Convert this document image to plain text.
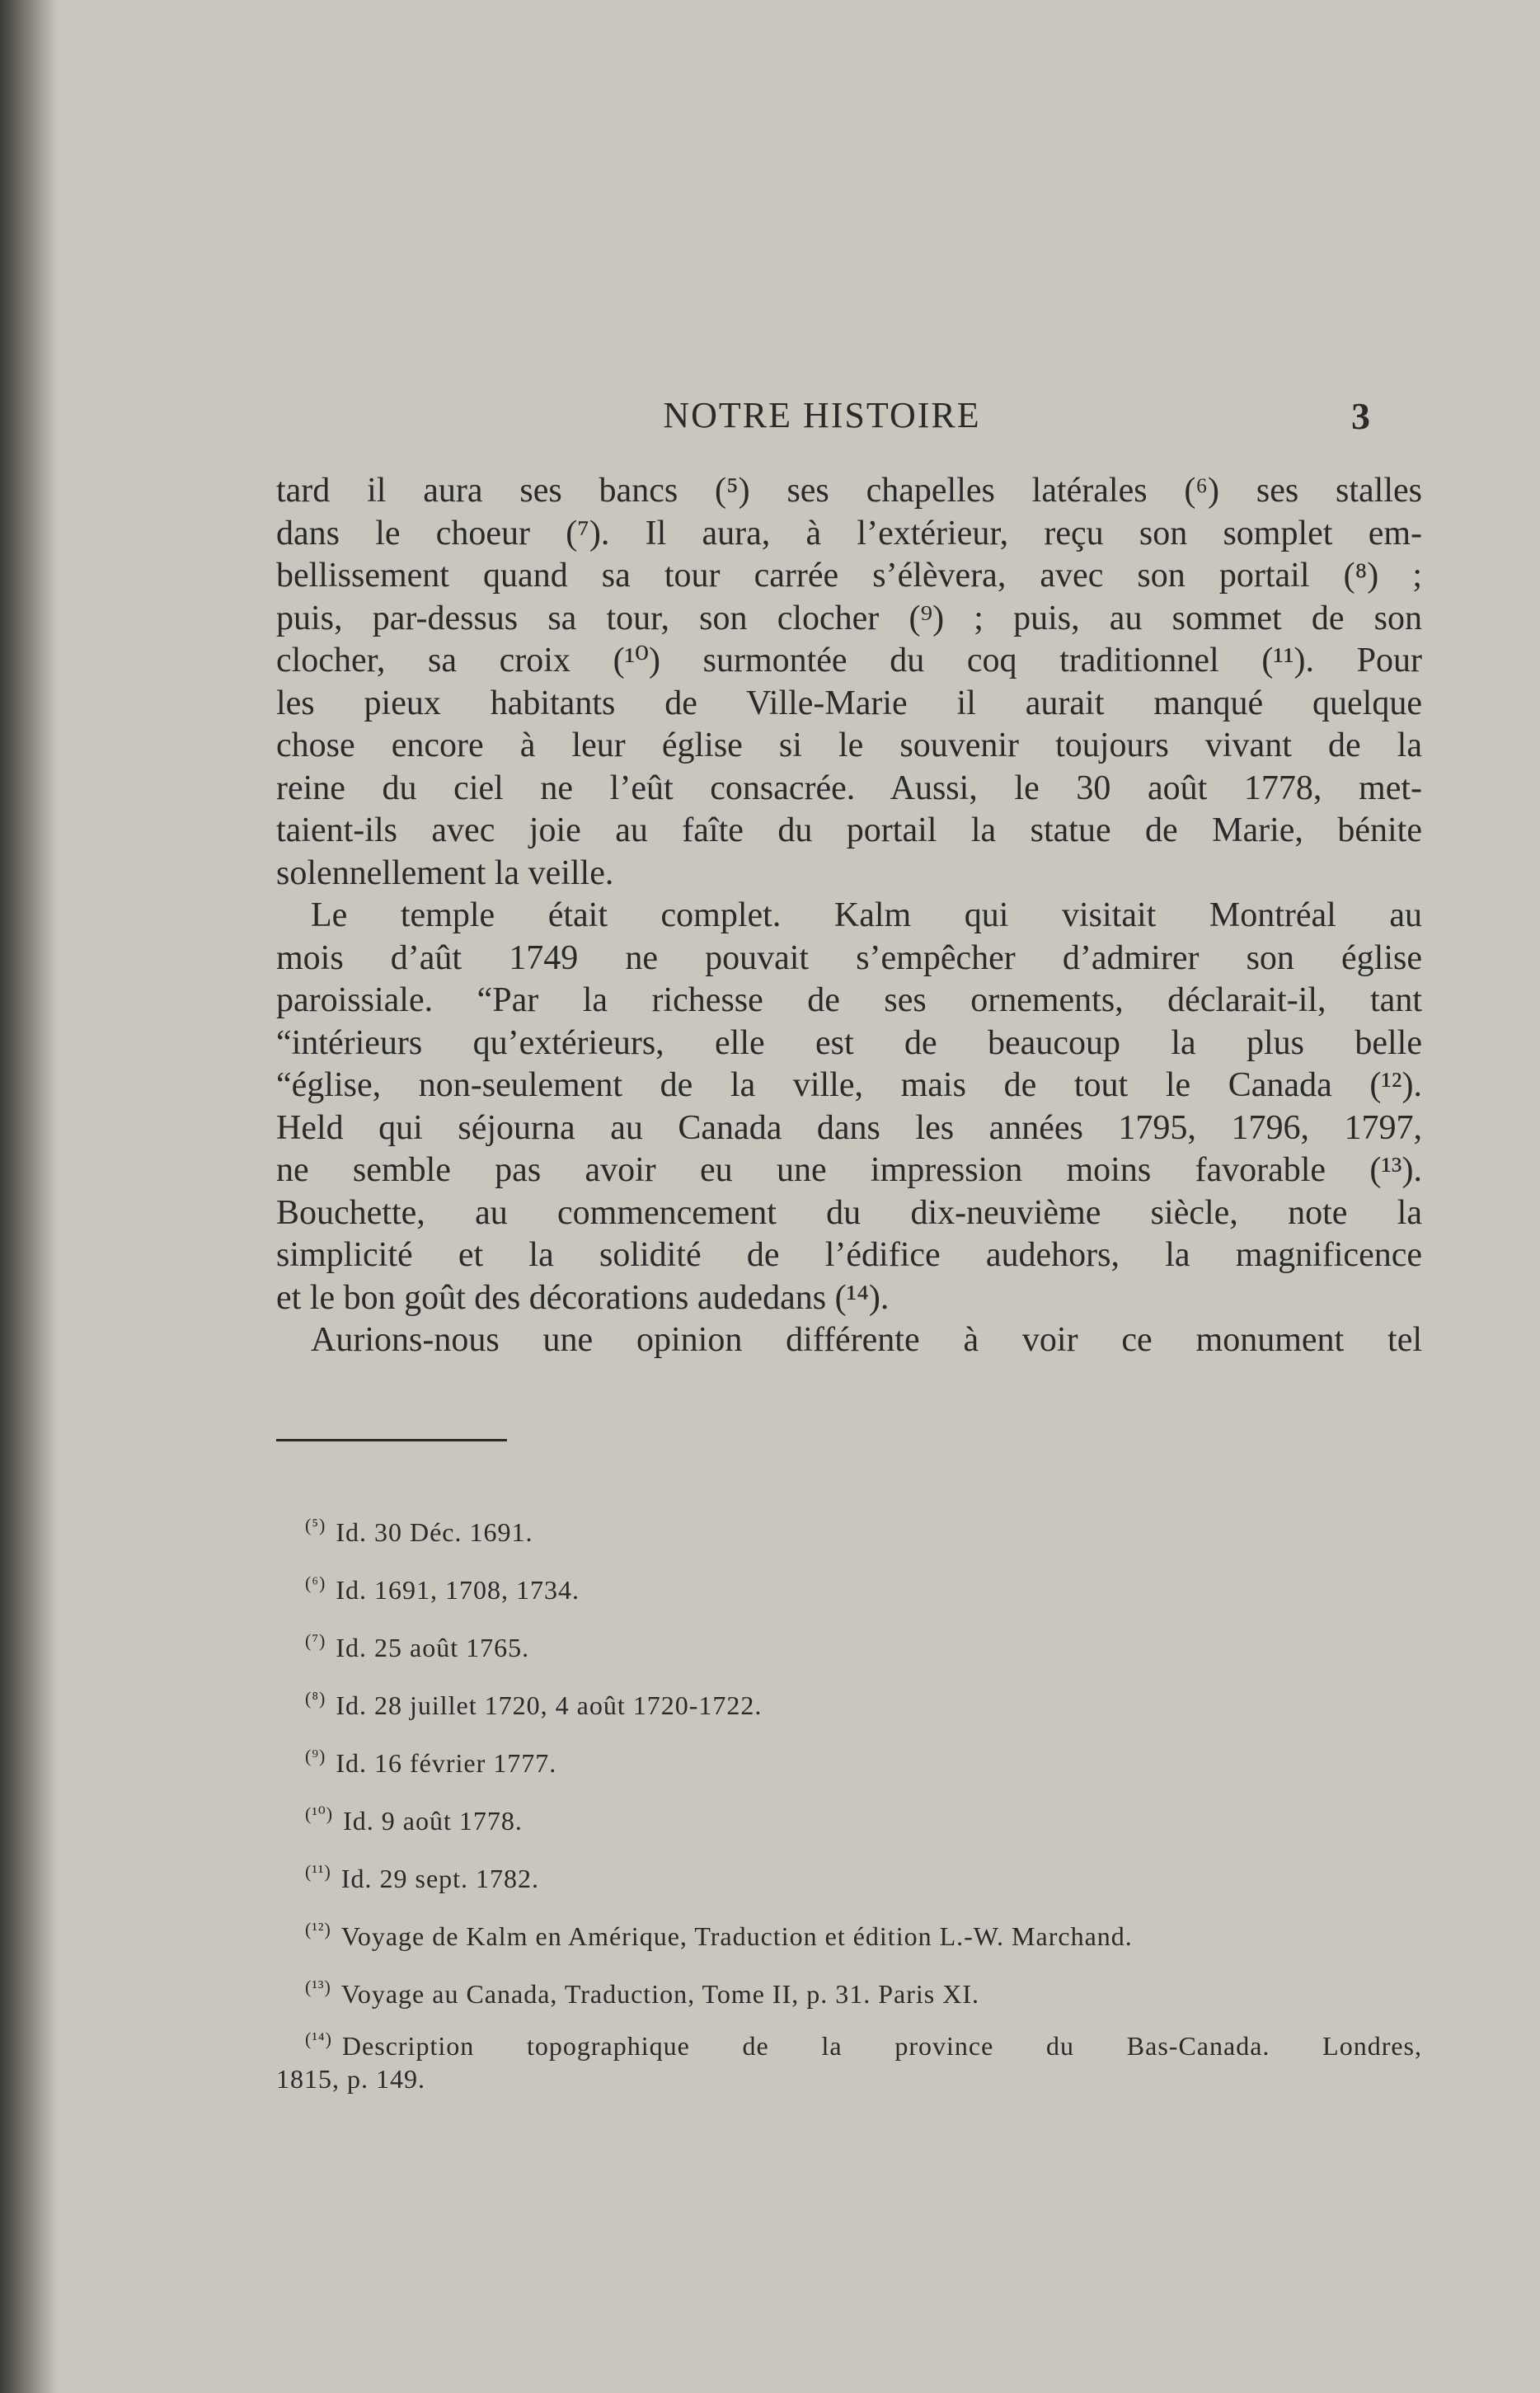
NOTRE HISTOIRE	3
tard il aura ses bancs (⁵) ses chapelles latérales (⁶) ses stalles
dans le choeur (⁷). Il aura, à l’extérieur, reçu son somplet em-
bellissement quand sa tour carrée s’élèvera, avec son portail (⁸) ;
puis, par-dessus sa tour, son clocher (⁹) ; puis, au sommet de son
clocher, sa croix (¹⁰) surmontée du coq traditionnel (¹¹). Pour
les pieux habitants de Ville-Marie il aurait manqué quelque
chose encore à leur église si le souvenir toujours vivant de la
reine du ciel ne l’eût consacrée. Aussi, le 30 août 1778, met-
taient-ils avec joie au faîte du portail la statue de Marie, bénite
solennellement la veille.
Le temple était complet. Kalm qui visitait Montréal au
mois d’aût 1749 ne pouvait s’empêcher d’admirer son église
paroissiale. “Par la richesse de ses ornements, déclarait-il, tant
“intérieurs qu’extérieurs, elle est de beaucoup la plus belle
“église, non-seulement de la ville, mais de tout le Canada (¹²).
Held qui séjourna au Canada dans les années 1795, 1796, 1797,
ne semble pas avoir eu une impression moins favorable (¹³).
Bouchette, au commencement du dix-neuvième siècle, note la
simplicité et la solidité de l’édifice audehors, la magnificence
et le bon goût des décorations audedans (¹⁴).
Aurions-nous une opinion différente à voir ce monument tel
$^{(^5)}$ Id. 30 Déc. 1691.
$^{(^6)}$ Id. 1691, 1708, 1734.
$^{(^7)}$ Id. 25 août 1765.
$^{(^8)}$ Id. 28 juillet 1720, 4 août 1720-1722.
$^{(^9)}$ Id. 16 février 1777.
$^{(^{10})}$ Id. 9 août 1778.
$^{(^{11})}$ Id. 29 sept. 1782.
$^{(^{12})}$ Voyage de Kalm en Amérique, Traduction et édition L.-W. Marchand.
$^{(^{13})}$ Voyage au Canada, Traduction, Tome II, p. 31. Paris XI.
$^{(^{14})}$ Description topographique de la province du Bas-Canada. Londres,
1815, p. 149.
